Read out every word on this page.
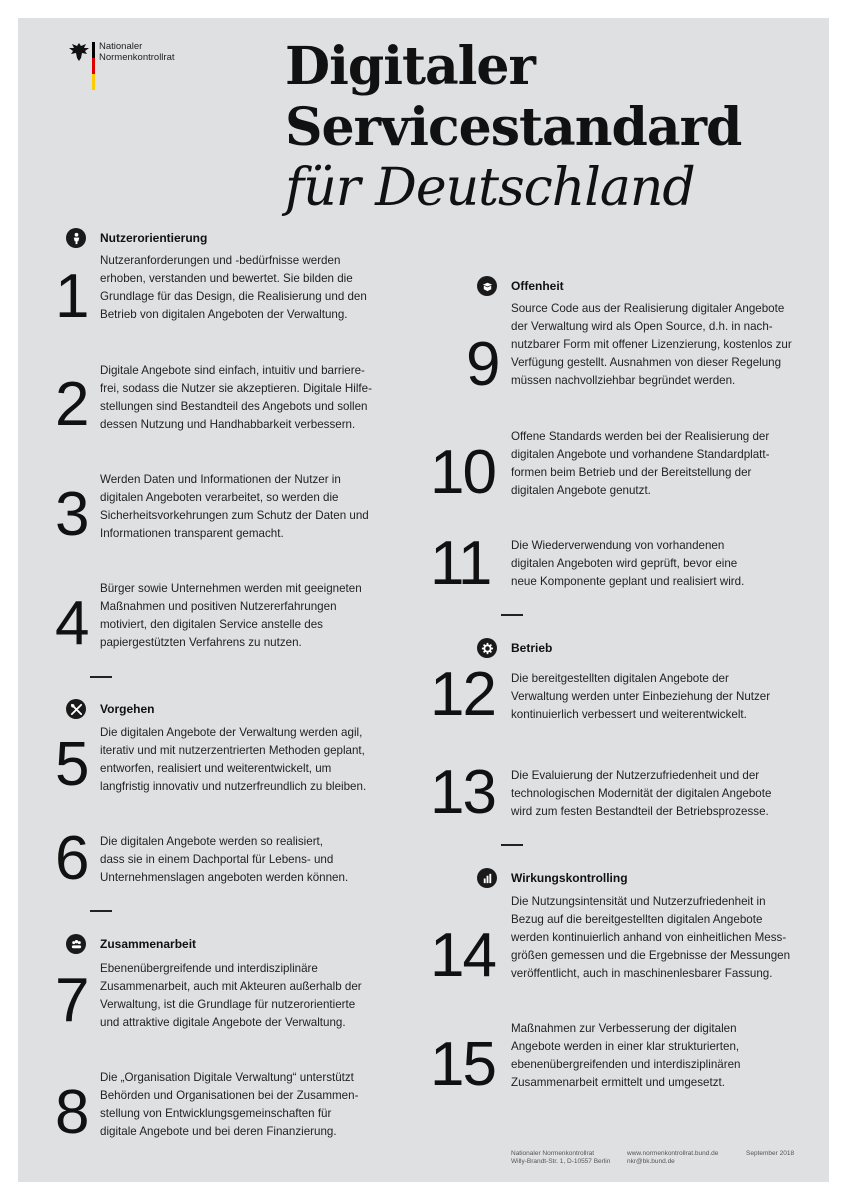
Nationaler
Normenkontrollrat Digitaler
Servicestandard
für Deutschland
Nutzerorientierung
1
Nutzeranforderungen und -bedürfnisse werden
erhoben, verstanden und bewertet. Sie bilden die
Grundlage für das Design, die Realisierung und den
Betrieb von digitalen Angeboten der Verwaltung.
2 Digitale Angebote sind einfach, intuitiv und barriere-
frei, sodass die Nutzer sie akzeptieren. Digitale Hilfe-
stellungen sind Bestandteil des Angebots und sollen
dessen Nutzung und Handhabbarkeit verbessern.
3
Werden Daten und Informationen der Nutzer in
digitalen Angeboten verarbeitet, so werden die
Sicherheitsvorkehrungen zum Schutz der Daten und
Informationen transparent gemacht.
4
Bürger sowie Unternehmen werden mit geeigneten
Maßnahmen und positiven Nutzererfahrungen
motiviert, den digitalen Service anstelle des
papiergestützten Verfahrens zu nutzen.
Vorgehen
5 Die digitalen Angebote der Verwaltung werden agil,
iterativ und mit nutzerzentrierten Methoden geplant,
entworfen, realisiert und weiterentwickelt, um
langfristig innovativ und nutzerfreundlich zu bleiben.
6 Die digitalen Angebote werden so realisiert,
dass sie in einem Dachportal für Lebens- und
Unternehmenslagen angeboten werden können.
Zusammenarbeit
7 Ebenenübergreifende und interdisziplinäre
Zusammenarbeit, auch mit Akteuren außerhalb der
Verwaltung, ist die Grundlage für nutzerorientierte
und attraktive digitale Angebote der Verwaltung.
8
Die „Organisation Digitale Verwaltung“ unterstützt
Behörden und Organisationen bei der Zusammen-
stellung von Entwicklungsgemeinschaften für
digitale Angebote und bei deren Finanzierung.
Offenheit
9
Source Code aus der Realisierung digitaler Angebote
der Verwaltung wird als Open Source, d.h. in nach-
nutzbarer Form mit offener Lizenzierung, kostenlos zur
Verfügung gestellt. Ausnahmen von dieser Regelung
müssen nachvollziehbar begründet werden.
10
Offene Standards werden bei der Realisierung der
digitalen Angebote und vorhandene Standardplatt-
formen beim Betrieb und der Bereitstellung der
digitalen Angebote genutzt.
11 Die Wiederverwendung von vorhandenen
digitalen Angeboten wird geprüft, bevor eine
neue Komponente geplant und realisiert wird.
Betrieb
12 Die bereitgestellten digitalen Angebote der
Verwaltung werden unter Einbeziehung der Nutzer
kontinuierlich verbessert und weiterentwickelt.
13 Die Evaluierung der Nutzerzufriedenheit und der
technologischen Modernität der digitalen Angebote
wird zum festen Bestandteil der Betriebsprozesse.
Wirkungskontrolling
14
Die Nutzungsintensität und Nutzerzufriedenheit in
Bezug auf die bereitgestellten digitalen Angebote
werden kontinuierlich anhand von einheitlichen Mess-
größen gemessen und die Ergebnisse der Messungen
veröffentlicht, auch in maschinenlesbarer Fassung.
15
Maßnahmen zur Verbesserung der digitalen
Angebote werden in einer klar strukturierten,
ebenenübergreifenden und interdisziplinären
Zusammenarbeit ermittelt und umgesetzt.
Nationaler Normenkontrollrat
Willy-Brandt-Str. 1, D-10557 Berlin
www.normenkontrollrat.bund.de
nkr@bk.bund.de
September 2018
